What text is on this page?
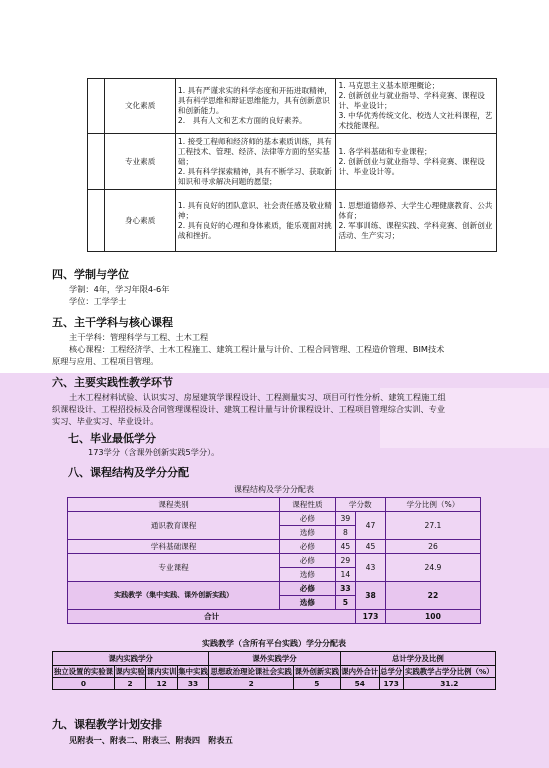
	文化素质	1. 具有严谨求实的科学态度和开拓进取精神，具有科学思维和辩证思维能力，具有创新意识和创新能力。
2.　具有人文和艺术方面的良好素养。	1. 马克思主义基本原理概论；
2. 创新创业与就业指导、学科竞赛、课程设计、毕业设计；
3. 中华优秀传统文化、校选人文社科课程，艺术技能课程。

	专业素质	1. 接受工程师和经济师的基本素质训练，具有工程技术、管理、经济、法律等方面的坚实基础；
2. 具有科学探索精神，具有不断学习、获取新知识和寻求解决问题的愿望；	1. 各学科基础和专业课程；
2. 创新创业与就业指导、学科竞赛、课程设计、毕业设计等。

	身心素质	1. 具有良好的团队意识、社会责任感及敬业精神；
2. 具有良好的心理和身体素质，能乐观面对挑战和挫折。	1. 思想道德修养、大学生心理健康教育、公共体育；
2. 军事训练、课程实践、学科竞赛、创新创业活动、生产实习；
四、学制与学位
学制：4年，学习年限4-6年
学位：工学学士
五、主干学科与核心课程
主干学科：管理科学与工程、土木工程
核心课程：工程经济学、土木工程施工、建筑工程计量与计价、工程合同管理、工程造价管理、BIM技术
原理与应用、工程项目管理。
六、主要实践性教学环节
土木工程材料试验、认识实习、房屋建筑学课程设计、工程测量实习、项目可行性分析、建筑工程施工组
织课程设计、工程招投标及合同管理课程设计、建筑工程计量与计价课程设计、工程项目管理综合实训、专业
实习、毕业实习、毕业设计。
七、毕业最低学分
173学分（含课外创新实践5学分）。
八、课程结构及学分分配
课程结构及学分分配表
课程类别	课程性质	学分数		学分比例（%）
通识教育课程	必修	39	47	27.1
	选修	8		
学科基础课程	必修	45	45	26
专业课程	必修	29	43	24.9
	选修	14		
实践教学（集中实践、课外创新实践）	必修	33	38	22
	选修	5		
合计			173	100
实践教学（含所有平台实践）学分分配表
课内实践学分				课外实践学分		总计学分及比例		
独立设置的实验课	课内实验	课内实训	集中实践	思想政治理论课社会实践	课外创新实践	课内外合计	总学分	实践教学占学分比例（%）
0	2	12	33	2	5	54	173	31.2
九、课程教学计划安排
见附表一、附表二、附表三、附表四　附表五
